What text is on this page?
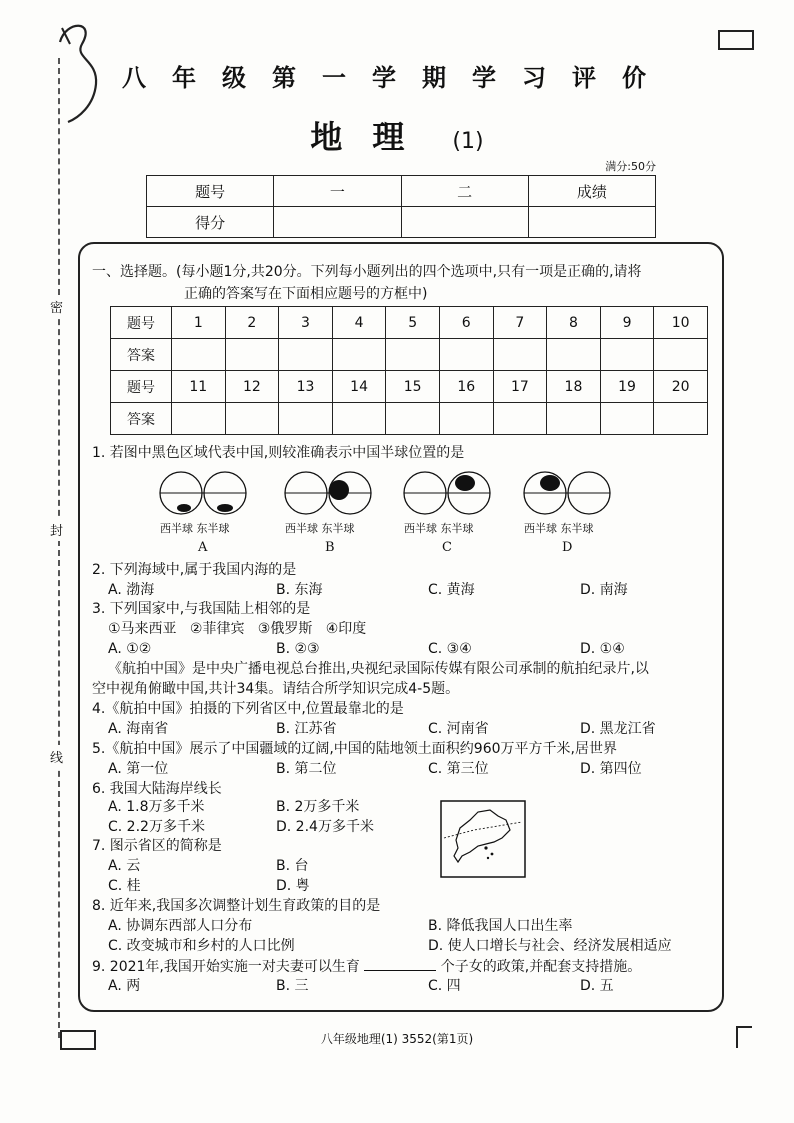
密
封
线
八年级第一学期学习评价
地理 (1)
满分:50分
题号	一	二	成绩
得分			
一、选择题。(每小题1分,共20分。下列每小题列出的四个选项中,只有一项是正确的,请将
正确的答案写在下面相应题号的方框中)
题号	1	2	3	4	5	6	7	8	9	10
答案										
题号	11	12	13	14	15	16	17	18	19	20
答案										
1. 若图中黑色区域代表中国,则较准确表示中国半球位置的是
西半球 东半球
A
西半球 东半球
B
西半球 东半球
C
西半球 东半球
D
2. 下列海域中,属于我国内海的是
A. 渤海	B. 东海	C. 黄海	D. 南海
3. 下列国家中,与我国陆上相邻的是
①马来西亚   ②菲律宾   ③俄罗斯   ④印度
A. ①②	B. ②③	C. ③④	D. ①④
《航拍中国》是中央广播电视总台推出,央视纪录国际传媒有限公司承制的航拍纪录片,以
空中视角俯瞰中国,共计34集。请结合所学知识完成4-5题。
4.《航拍中国》拍摄的下列省区中,位置最靠北的是
A. 海南省	B. 江苏省	C. 河南省	D. 黑龙江省
5.《航拍中国》展示了中国疆域的辽阔,中国的陆地领土面积约960万平方千米,居世界
A. 第一位	B. 第二位	C. 第三位	D. 第四位
6. 我国大陆海岸线长
A. 1.8万多千米	B. 2万多千米
C. 2.2万多千米	D. 2.4万多千米
7. 图示省区的简称是
A. 云	B. 台
C. 桂	D. 粤
8. 近年来,我国多次调整计划生育政策的目的是
A. 协调东西部人口分布	B. 降低我国人口出生率
C. 改变城市和乡村的人口比例	D. 使人口增长与社会、经济发展相适应
9. 2021年,我国开始实施一对夫妻可以生育	个子女的政策,并配套支持措施。
A. 两	B. 三	C. 四	D. 五
八年级地理(1) 3552(第1页)
